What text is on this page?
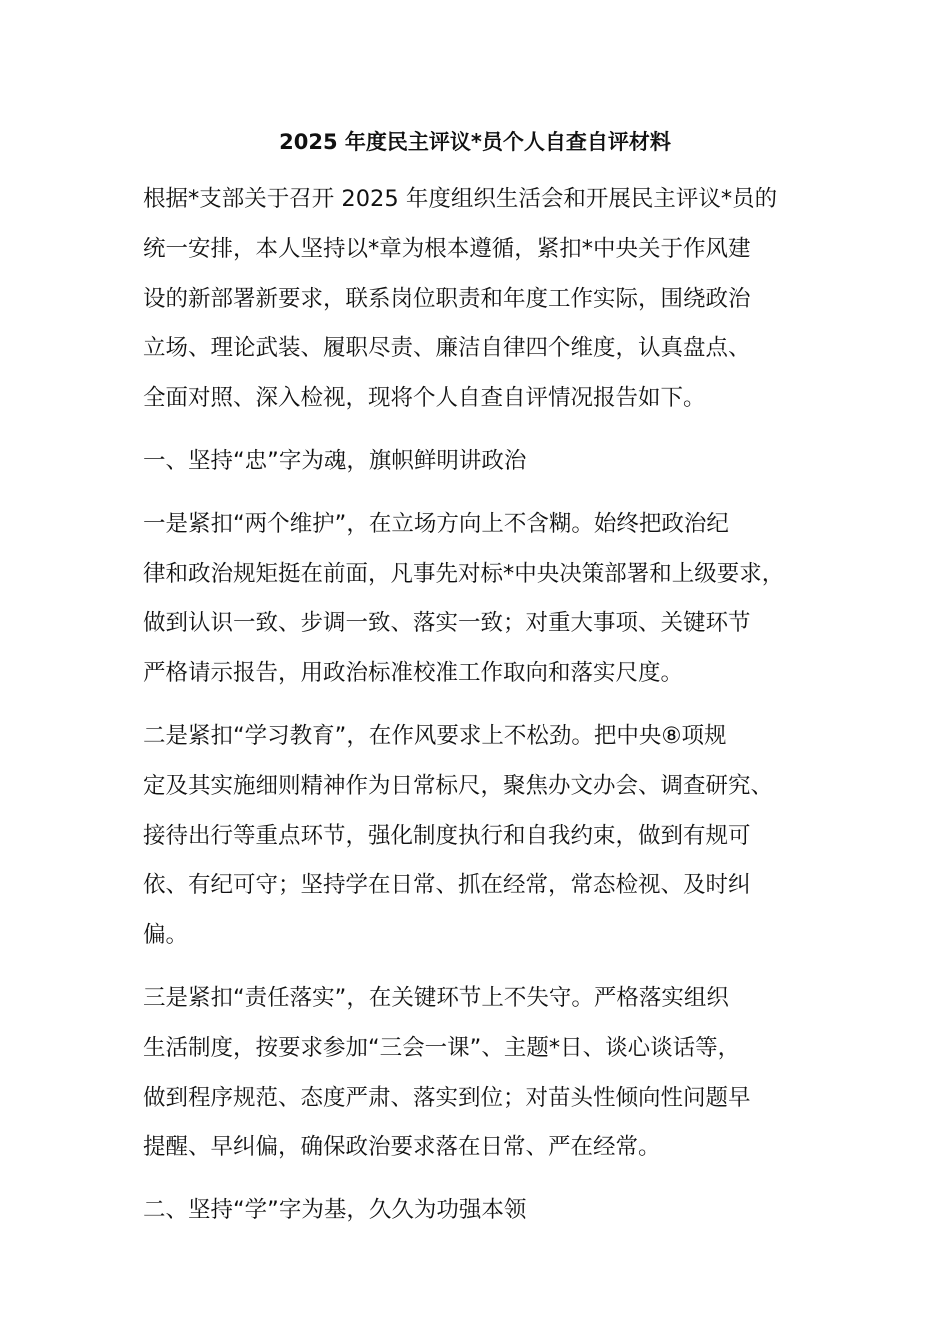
2025 年度民主评议*员个人自查自评材料

根据*支部关于召开 2025 年度组织生活会和开展民主评议*员的
统一安排，本人坚持以*章为根本遵循，紧扣*中央关于作风建
设的新部署新要求，联系岗位职责和年度工作实际，围绕政治
立场、理论武装、履职尽责、廉洁自律四个维度，认真盘点、
全面对照、深入检视，现将个人自查自评情况报告如下。

一、坚持“忠”字为魂，旗帜鲜明讲政治

一是紧扣“两个维护”，在立场方向上不含糊。始终把政治纪
律和政治规矩挺在前面，凡事先对标*中央决策部署和上级要求，
做到认识一致、步调一致、落实一致；对重大事项、关键环节
严格请示报告，用政治标准校准工作取向和落实尺度。

二是紧扣“学习教育”，在作风要求上不松劲。把中央⑧项规
定及其实施细则精神作为日常标尺，聚焦办文办会、调查研究、
接待出行等重点环节，强化制度执行和自我约束，做到有规可
依、有纪可守；坚持学在日常、抓在经常，常态检视、及时纠
偏。

三是紧扣“责任落实”，在关键环节上不失守。严格落实组织
生活制度，按要求参加“三会一课”、主题*日、谈心谈话等，
做到程序规范、态度严肃、落实到位；对苗头性倾向性问题早
提醒、早纠偏，确保政治要求落在日常、严在经常。

二、坚持“学”字为基，久久为功强本领
